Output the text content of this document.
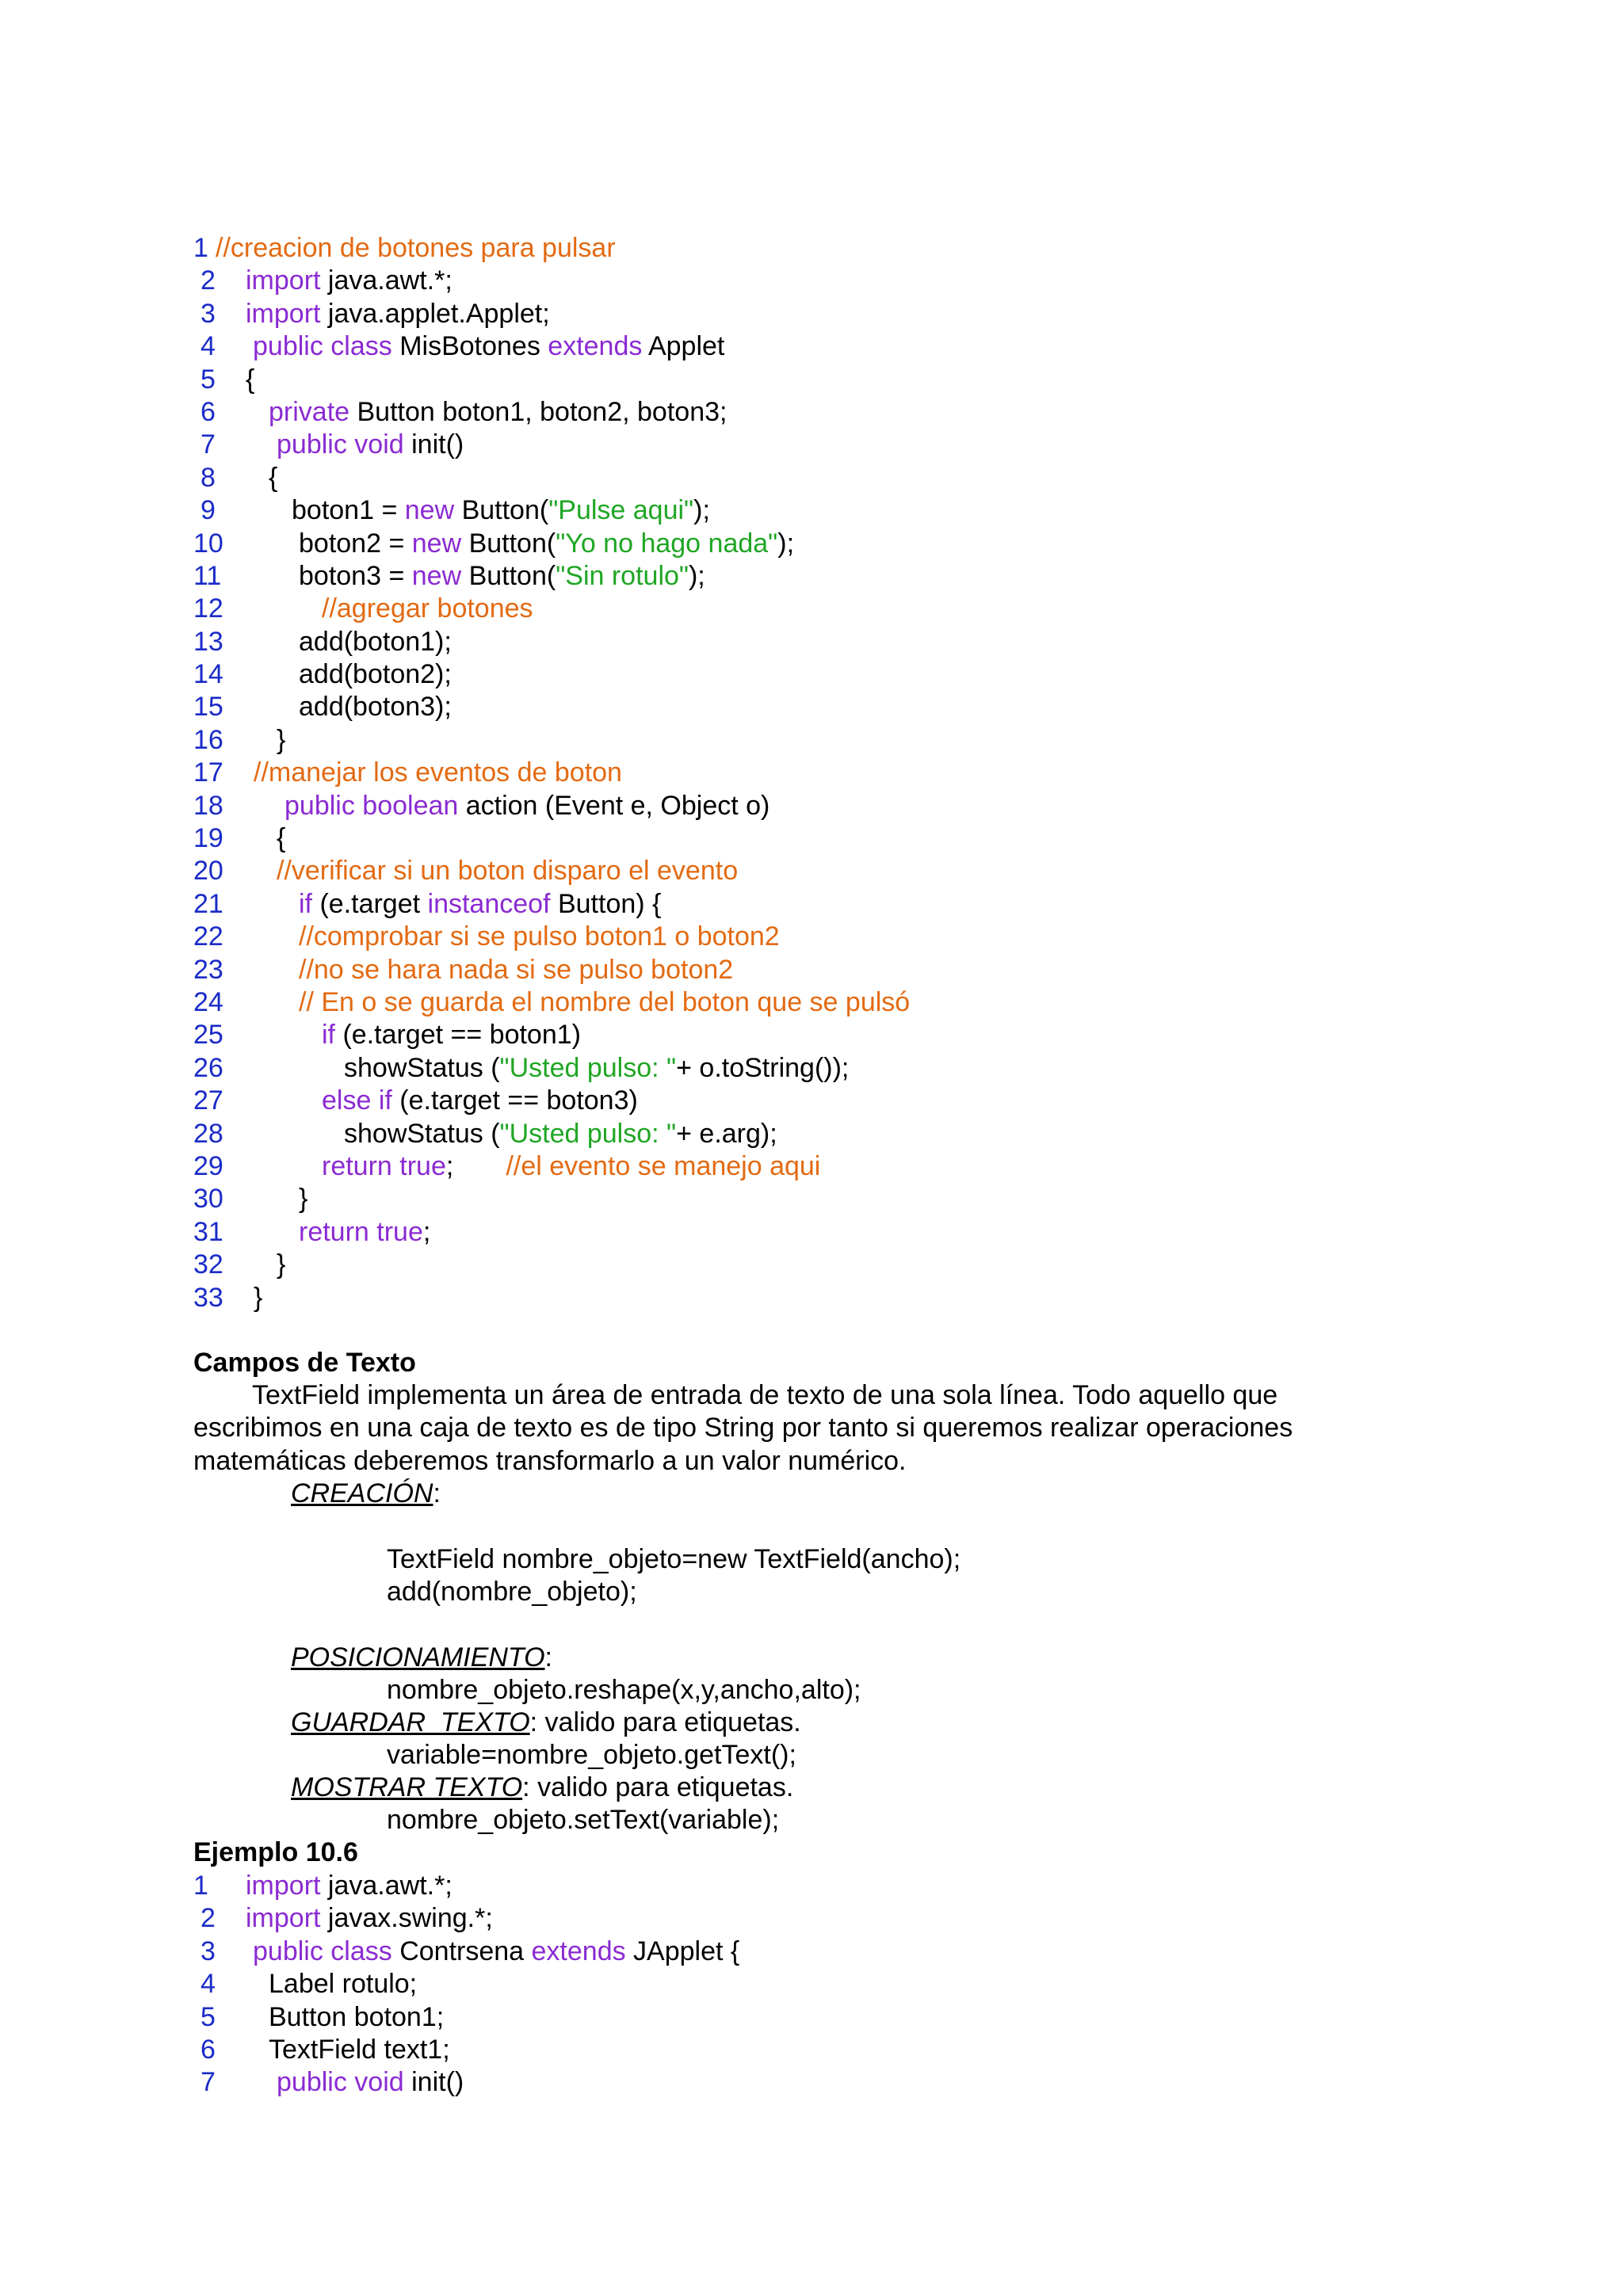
1 //creacion de botones para pulsar
2 import java.awt.*;
3 import java.applet.Applet;
4 public class MisBotones extends Applet
5 {
6 private Button boton1, boton2, boton3;
7 public void init()
8 {
9	boton1 = new Button("Pulse aqui");
10	boton2 = new Button("Yo no hago nada");
11	boton3 = new Button("Sin rotulo");
12	//agregar botones
13	add(boton1);
14	add(boton2);
15	add(boton3);
16 }
17 //manejar los eventos de boton
18 public boolean action (Event e, Object o)
19 {
20 //verificar si un boton disparo el evento
21	if (e.target instanceof Button) {
22	//comprobar si se pulso boton1 o boton2
23	//no se hara nada si se pulso boton2
24	// En o se guarda el nombre del boton que se pulsó
25	if (e.target == boton1)
26	showStatus ("Usted pulso: "+ o.toString());
27	else if (e.target == boton3)
28	showStatus ("Usted pulso: "+ e.arg);
29	return true;       //el evento se manejo aqui
30	}
31	return true;
32 }
33 }
Campos de Texto
TextField implementa un área de entrada de texto de una sola línea. Todo aquello que
escribimos en una caja de texto es de tipo String por tanto si queremos realizar operaciones
matemáticas deberemos transformarlo a un valor numérico.
CREACIÓN:
TextField nombre_objeto=new TextField(ancho);
add(nombre_objeto);
POSICIONAMIENTO:
nombre_objeto.reshape(x,y,ancho,alto);
GUARDAR  TEXTO: valido para etiquetas.
variable=nombre_objeto.getText();
MOSTRAR TEXTO: valido para etiquetas.
nombre_objeto.setText(variable);
Ejemplo 10.6
1 import java.awt.*;
2 import javax.swing.*;
3 public class Contrsena extends JApplet {
4 Label rotulo;
5 Button boton1;
6 TextField text1;
7 public void init()
